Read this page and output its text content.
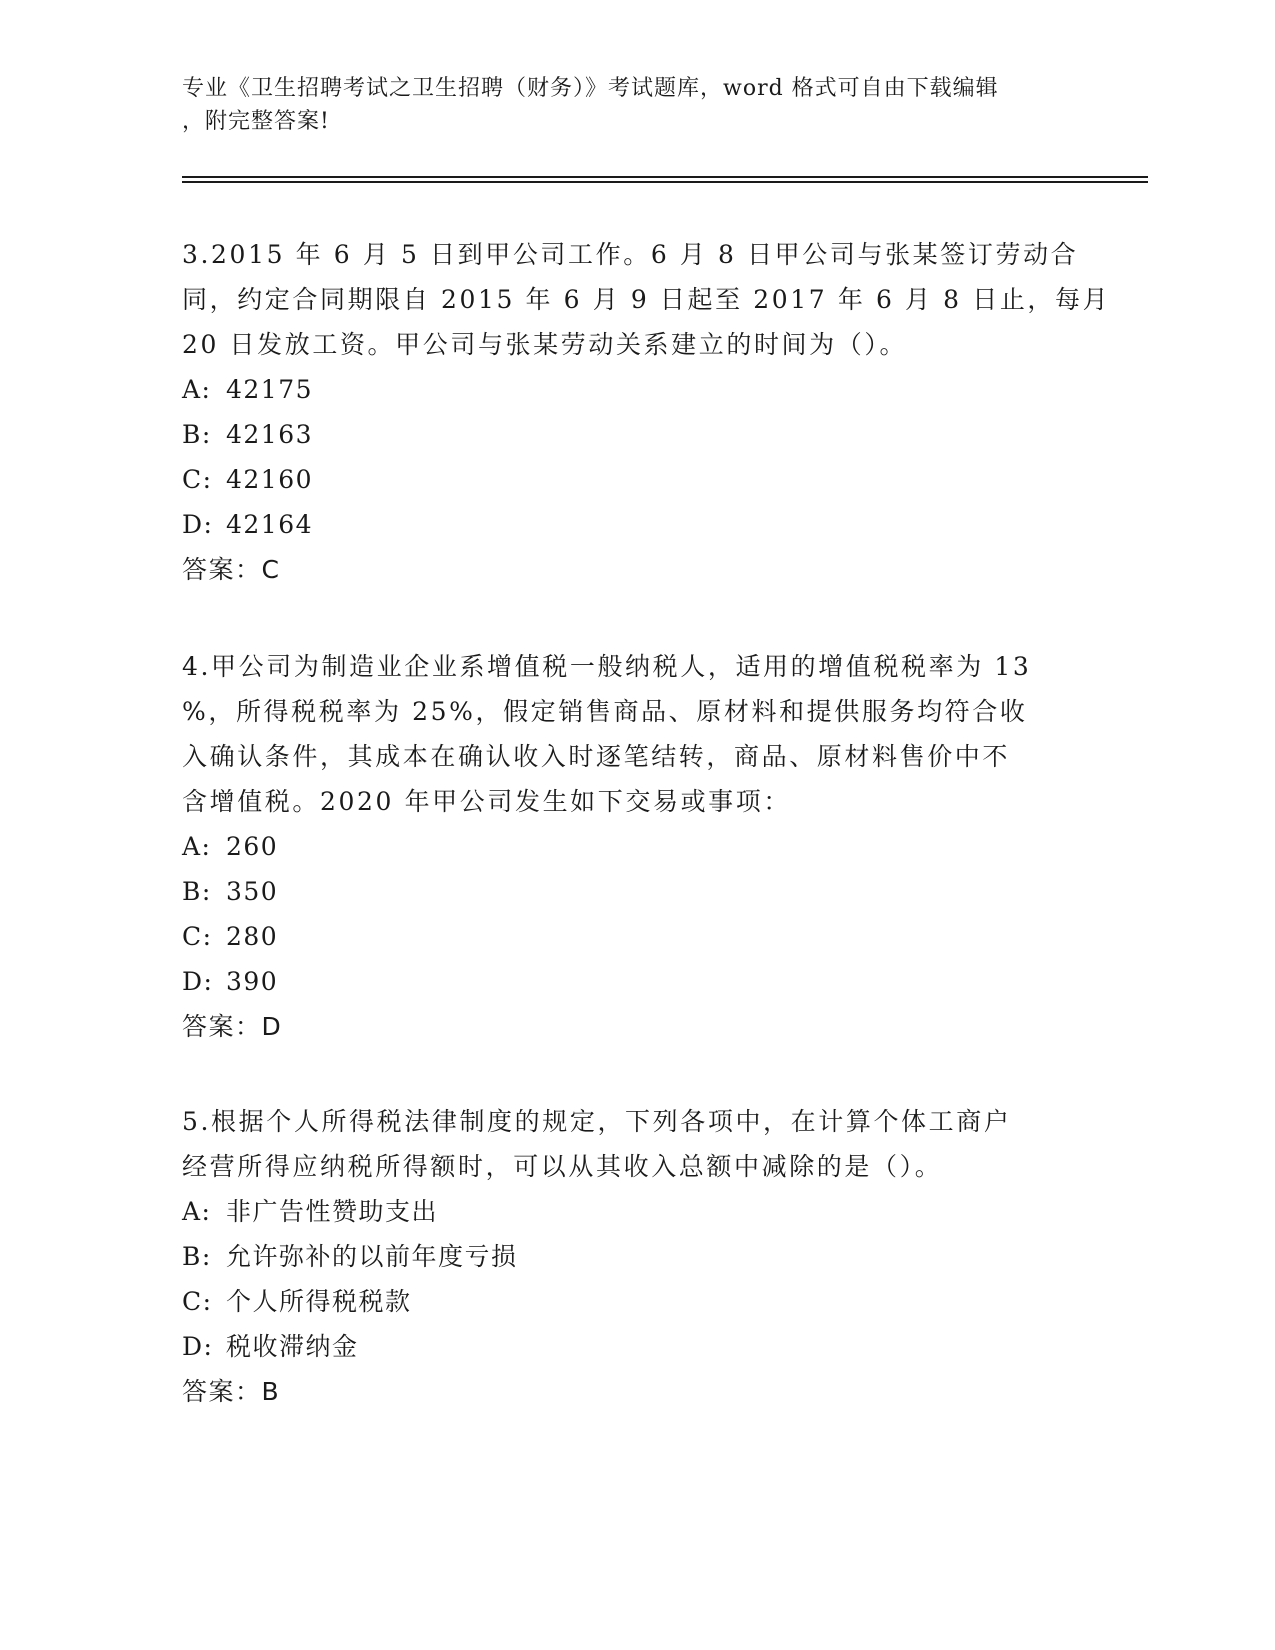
专业《卫生招聘考试之卫生招聘（财务）》考试题库，word 格式可自由下载编辑

，附完整答案!

3.2015 年 6 月 5 日到甲公司工作。6 月 8 日甲公司与张某签订劳动合
同，约定合同期限自 2015 年 6 月 9 日起至 2017 年 6 月 8 日止，每月
20 日发放工资。甲公司与张某劳动关系建立的时间为（）。
A: 42175
B: 42163
C: 42160
D: 42164
答案：C
4.甲公司为制造业企业系增值税一般纳税人，适用的增值税税率为 13
%，所得税税率为 25%，假定销售商品、原材料和提供服务均符合收
入确认条件，其成本在确认收入时逐笔结转，商品、原材料售价中不
含增值税。2020 年甲公司发生如下交易或事项：
A: 260
B: 350
C: 280
D: 390
答案：D
5.根据个人所得税法律制度的规定，下列各项中，在计算个体工商户
经营所得应纳税所得额时，可以从其收入总额中减除的是（）。
A: 非广告性赞助支出
B: 允许弥补的以前年度亏损
C: 个人所得税税款
D: 税收滞纳金
答案：B
